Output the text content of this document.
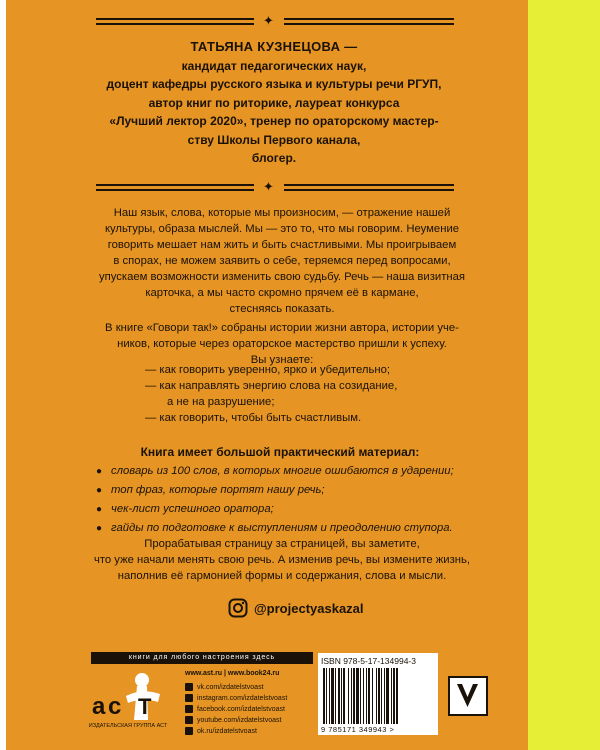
✦
ТАТЬЯНА КУЗНЕЦОВА —
кандидат педагогических наук,
доцент кафедры русского языка и культуры речи РГУП,
автор книг по риторике, лауреат конкурса
«Лучший лектор 2020», тренер по ораторскому мастер-
ству Школы Первого канала,
блогер.
✦
Наш язык, слова, которые мы произносим, — отражение нашей
культуры, образа мыслей. Мы — это то, что мы говорим. Неумение
говорить мешает нам жить и быть счастливыми. Мы проигрываем
в спорах, не можем заявить о себе, теряемся перед вопросами,
упускаем возможности изменить свою судьбу. Речь — наша визитная
карточка, а мы часто скромно прячем её в кармане,
стесняясь показать.
В книге «Говори так!» собраны истории жизни автора, истории уче-
ников, которые через ораторское мастерство пришли к успеху.
Вы узнаете:
— как говорить уверенно, ярко и убедительно;
— как направлять энергию слова на созидание,
а не на разрушение;
— как говорить, чтобы быть счастливым.
Книга имеет большой практический материал:
● словарь из 100 слов, в которых многие ошибаются в ударении;
● топ фраз, которые портят нашу речь;
● чек-лист успешного оратора;
● гайды по подготовке к выступлениям и преодолению ступора.
Прорабатывая страницу за страницей, вы заметите,
что уже начали менять свою речь. А изменив речь, вы измените жизнь,
наполнив её гармонией формы и содержания, слова и мысли.
@projectyaskazal
книги для любого настроения здесь
a c T
ИЗДАТЕЛЬСКАЯ ГРУППА АСТ
www.ast.ru | www.book24.ru
vk.com/izdatelstvoast
instagram.com/izdatelstvoast
facebook.com/izdatelstvoast
youtube.com/izdatelstvoast
ok.ru/izdatelstvoast
ISBN 978-5-17-134994-3
9 785171 349943 >
